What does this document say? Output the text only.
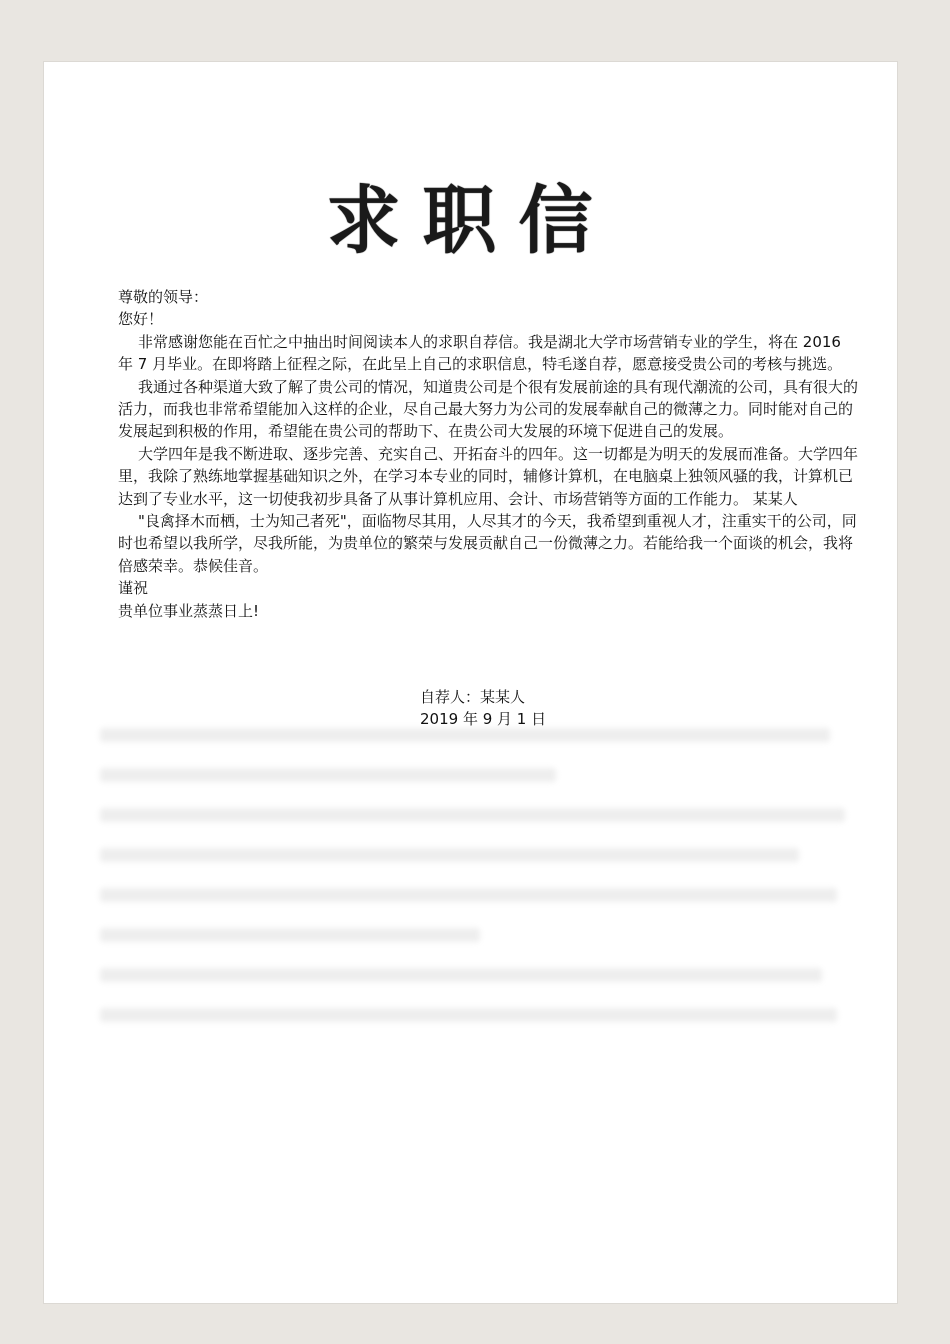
求职信

尊敬的领导：

您好！

非常感谢您能在百忙之中抽出时间阅读本人的求职自荐信。我是湖北大学市场营销专业的学生，将在 2016 年 7 月毕业。在即将踏上征程之际，在此呈上自己的求职信息，特毛遂自荐，愿意接受贵公司的考核与挑选。

我通过各种渠道大致了解了贵公司的情况，知道贵公司是个很有发展前途的具有现代潮流的公司，具有很大的活力，而我也非常希望能加入这样的企业，尽自己最大努力为公司的发展奉献自己的微薄之力。同时能对自己的发展起到积极的作用，希望能在贵公司的帮助下、在贵公司大发展的环境下促进自己的发展。

大学四年是我不断进取、逐步完善、充实自己、开拓奋斗的四年。这一切都是为明天的发展而准备。大学四年里，我除了熟练地掌握基础知识之外，在学习本专业的同时，辅修计算机，在电脑桌上独领风骚的我，计算机已达到了专业水平，这一切使我初步具备了从事计算机应用、会计、市场营销等方面的工作能力。 某某人

"良禽择木而栖，士为知己者死"，面临物尽其用，人尽其才的今天，我希望到重视人才，注重实干的公司，同时也希望以我所学，尽我所能，为贵单位的繁荣与发展贡献自己一份微薄之力。若能给我一个面谈的机会，我将倍感荣幸。恭候佳音。

谨祝

贵单位事业蒸蒸日上!

自荐人：某某人

2019 年 9 月 1 日
